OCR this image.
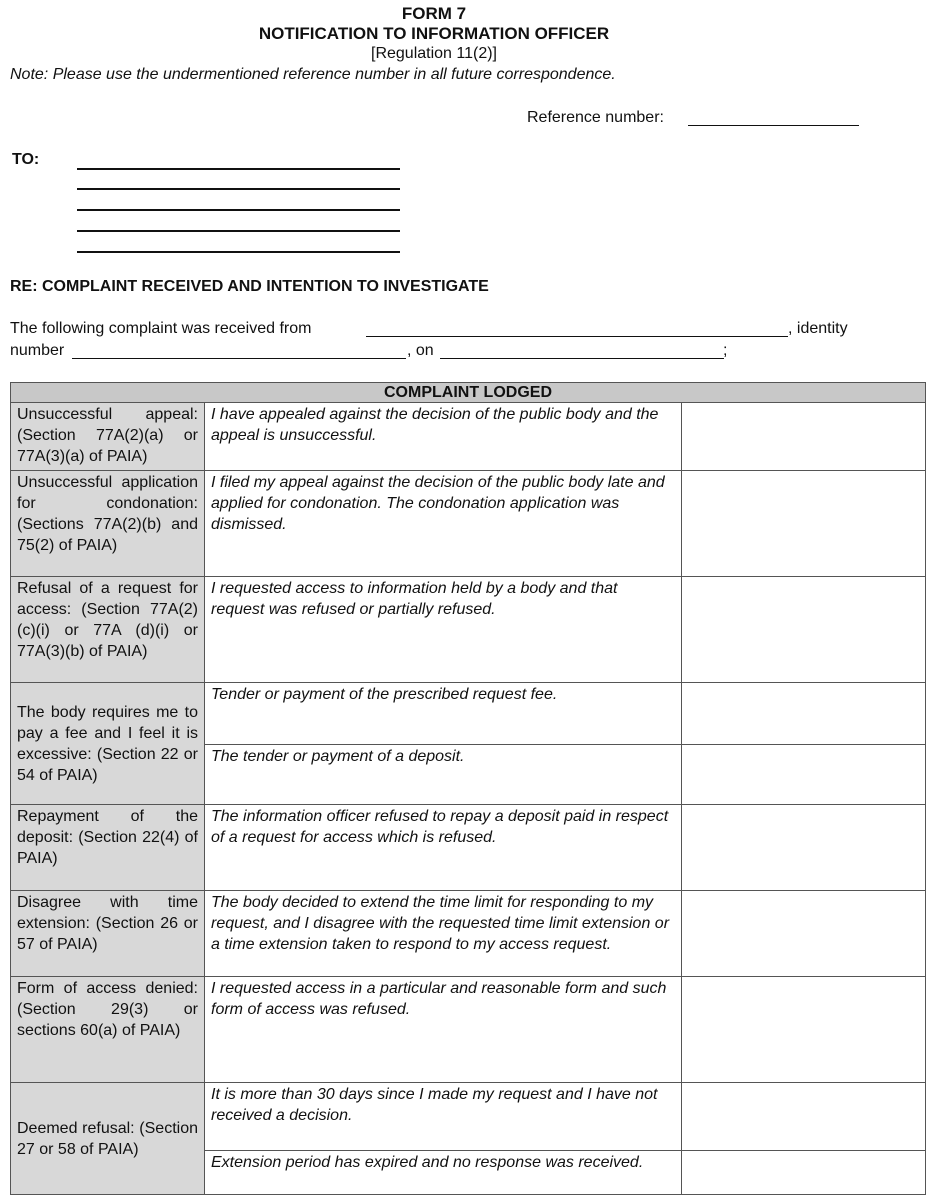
FORM 7
NOTIFICATION TO INFORMATION OFFICER
[Regulation 11(2)]
Note: Please use the undermentioned reference number in all future correspondence.
Reference number:
TO:
RE: COMPLAINT RECEIVED AND INTENTION TO INVESTIGATE
The following complaint was received from	, identity
number	, on	;
COMPLAINT LODGED		
Unsuccessful appeal: (Section 77A(2)(a) or 77A(3)(a) of PAIA)	I have appealed against the decision of the public body and the appeal is unsuccessful.	
Unsuccessful application for condonation: (Sections 77A(2)(b) and 75(2) of PAIA)	I filed my appeal against the decision of the public body late and applied for condonation. The condonation application was dismissed.	
Refusal of a request for access: (Section 77A(2)(c)(i) or 77A (d)(i) or 77A(3)(b) of PAIA)	I requested access to information held by a body and that request was refused or partially refused.	
The body requires me to pay a fee and I feel it is excessive: (Section 22 or 54 of PAIA)	Tender or payment of the prescribed request fee.	
	The tender or payment of a deposit.	
Repayment of the deposit: (Section 22(4) of PAIA)	The information officer refused to repay a deposit paid in respect of a request for access which is refused.	
Disagree with time extension: (Section 26 or 57 of PAIA)	The body decided to extend the time limit for responding to my request, and I disagree with the requested time limit extension or a time extension taken to respond to my access request.	
Form of access denied: (Section 29(3) or sections 60(a) of PAIA)	I requested access in a particular and reasonable form and such form of access was refused.	
Deemed refusal: (Section 27 or 58 of PAIA)	It is more than 30 days since I made my request and I have not received a decision.	
	Extension period has expired and no response was received.	
